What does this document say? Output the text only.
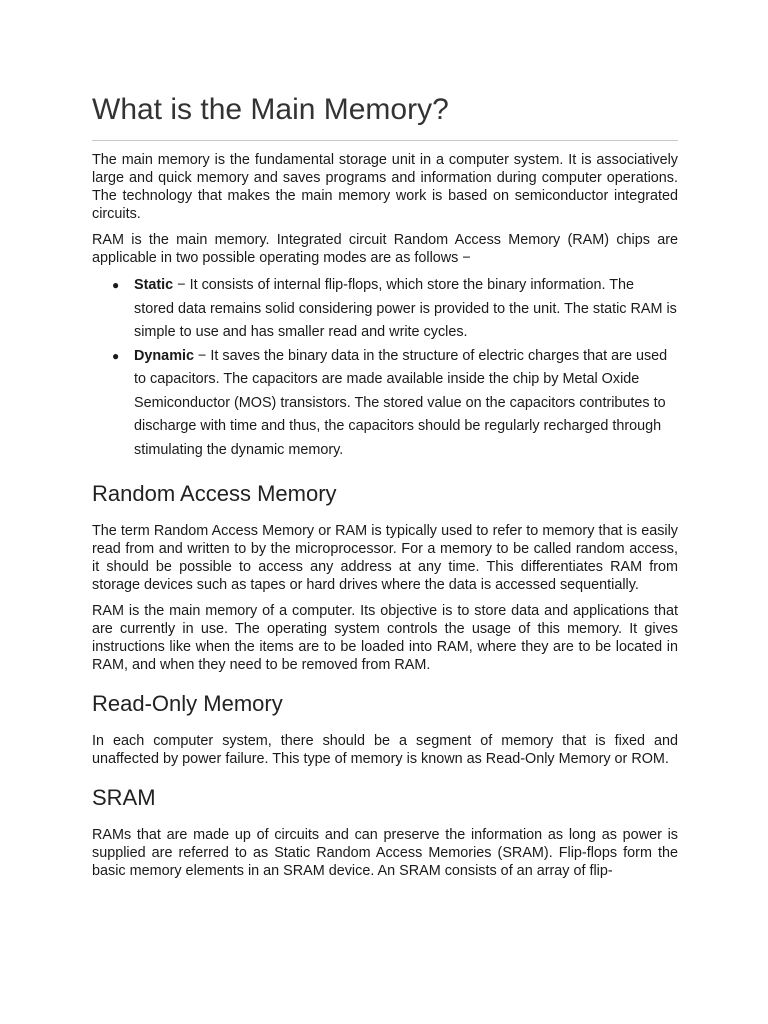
What is the Main Memory?

The main memory is the fundamental storage unit in a computer system. It is associatively large and quick memory and saves programs and information during computer operations. The technology that makes the main memory work is based on semiconductor integrated circuits.

RAM is the main memory. Integrated circuit Random Access Memory (RAM) chips are applicable in two possible operating modes are as follows −

● Static − It consists of internal flip-flops, which store the binary information. The stored data remains solid considering power is provided to the unit. The static RAM is simple to use and has smaller read and write cycles.
● Dynamic − It saves the binary data in the structure of electric charges that are used to capacitors. The capacitors are made available inside the chip by Metal Oxide Semiconductor (MOS) transistors. The stored value on the capacitors contributes to discharge with time and thus, the capacitors should be regularly recharged through stimulating the dynamic memory.
Random Access Memory

The term Random Access Memory or RAM is typically used to refer to memory that is easily read from and written to by the microprocessor. For a memory to be called random access, it should be possible to access any address at any time. This differentiates RAM from storage devices such as tapes or hard drives where the data is accessed sequentially.

RAM is the main memory of a computer. Its objective is to store data and applications that are currently in use. The operating system controls the usage of this memory. It gives instructions like when the items are to be loaded into RAM, where they are to be located in RAM, and when they need to be removed from RAM.

Read-Only Memory

In each computer system, there should be a segment of memory that is fixed and unaffected by power failure. This type of memory is known as Read-Only Memory or ROM.

SRAM

RAMs that are made up of circuits and can preserve the information as long as power is supplied are referred to as Static Random Access Memories (SRAM). Flip-flops form the basic memory elements in an SRAM device. An SRAM consists of an array of flip-
